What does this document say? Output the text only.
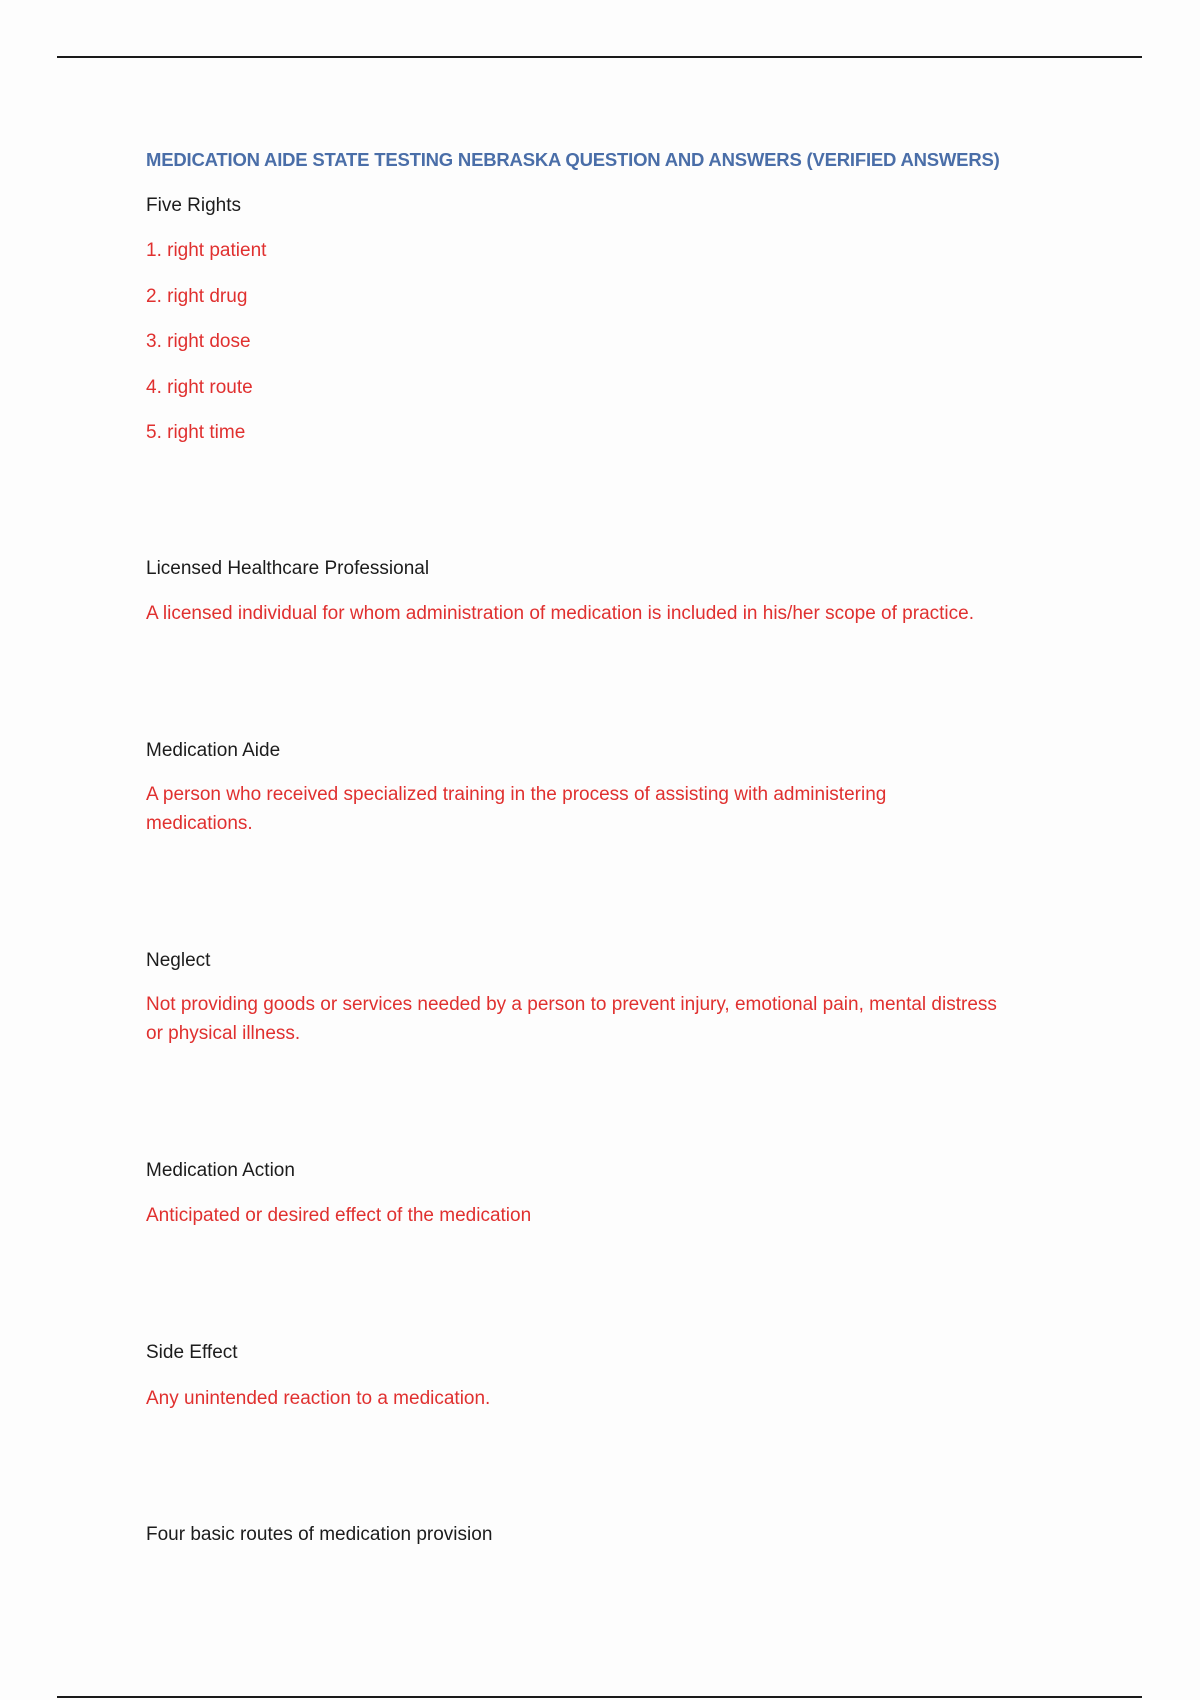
MEDICATION AIDE STATE TESTING NEBRASKA QUESTION AND ANSWERS (VERIFIED ANSWERS)
Five Rights
1. right patient
2. right drug
3. right dose
4. right route
5. right time
Licensed Healthcare Professional
A licensed individual for whom administration of medication is included in his/her scope of practice.
Medication Aide
A person who received specialized training in the process of assisting with administering medications.
Neglect
Not providing goods or services needed by a person to prevent injury, emotional pain, mental distress or physical illness.
Medication Action
Anticipated or desired effect of the medication
Side Effect
Any unintended reaction to a medication.
Four basic routes of medication provision
